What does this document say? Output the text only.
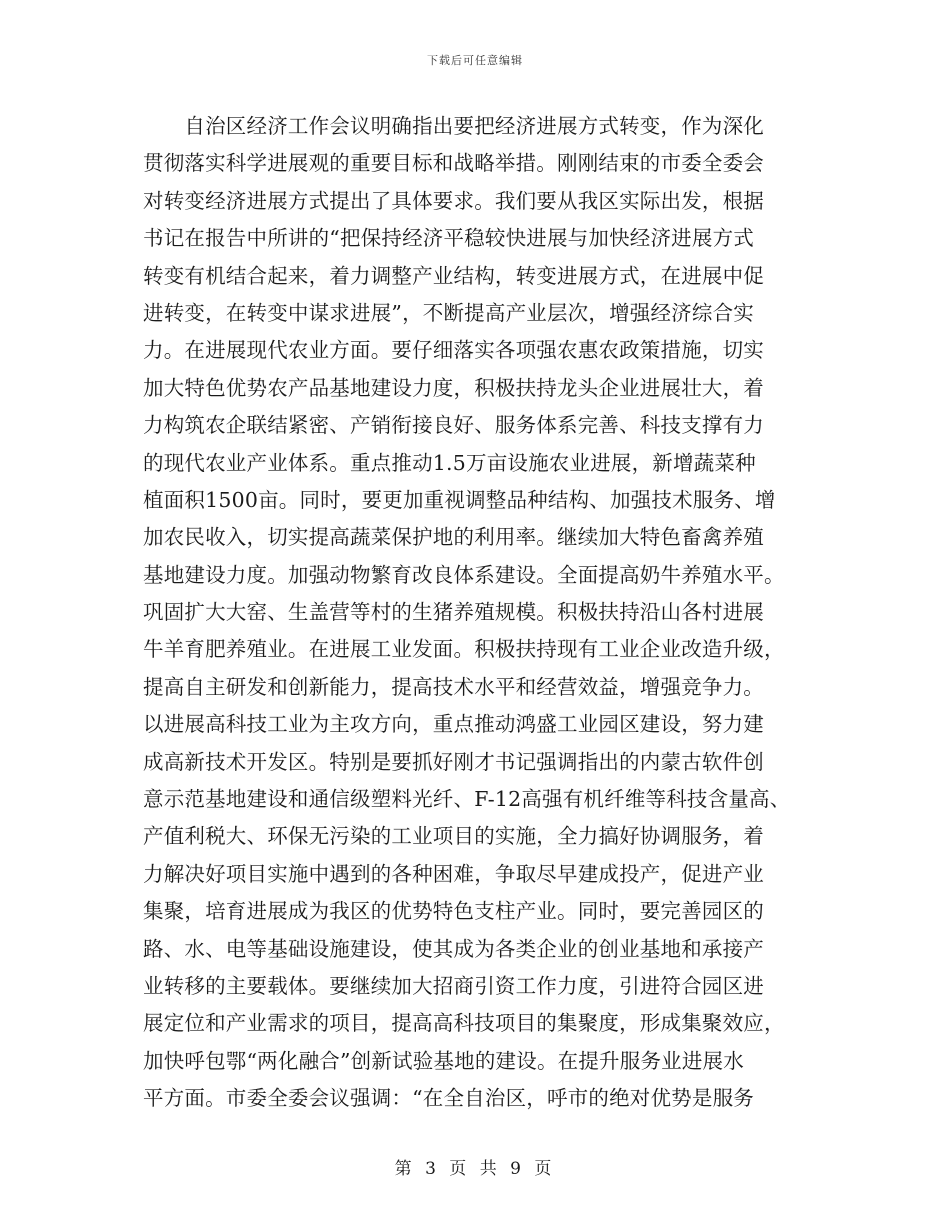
下载后可任意编辑
　　自治区经济工作会议明确指出要把经济进展方式转变，作为深化
贯彻落实科学进展观的重要目标和战略举措。刚刚结束的市委全委会
对转变经济进展方式提出了具体要求。我们要从我区实际出发，根据
书记在报告中所讲的“把保持经济平稳较快进展与加快经济进展方式
转变有机结合起来，着力调整产业结构，转变进展方式，在进展中促
进转变，在转变中谋求进展”，不断提高产业层次，增强经济综合实
力。在进展现代农业方面。要仔细落实各项强农惠农政策措施，切实
加大特色优势农产品基地建设力度，积极扶持龙头企业进展壮大，着
力构筑农企联结紧密、产销衔接良好、服务体系完善、科技支撑有力
的现代农业产业体系。重点推动1.5万亩设施农业进展，新增蔬菜种
植面积1500亩。同时，要更加重视调整品种结构、加强技术服务、增
加农民收入，切实提高蔬菜保护地的利用率。继续加大特色畜禽养殖
基地建设力度。加强动物繁育改良体系建设。全面提高奶牛养殖水平。
巩固扩大大窑、生盖营等村的生猪养殖规模。积极扶持沿山各村进展
牛羊育肥养殖业。在进展工业发面。积极扶持现有工业企业改造升级，
提高自主研发和创新能力，提高技术水平和经营效益，增强竞争力。
以进展高科技工业为主攻方向，重点推动鸿盛工业园区建设，努力建
成高新技术开发区。特别是要抓好刚才书记强调指出的内蒙古软件创
意示范基地建设和通信级塑料光纤、F-12高强有机纤维等科技含量高、
产值利税大、环保无污染的工业项目的实施，全力搞好协调服务，着
力解决好项目实施中遇到的各种困难，争取尽早建成投产，促进产业
集聚，培育进展成为我区的优势特色支柱产业。同时，要完善园区的
路、水、电等基础设施建设，使其成为各类企业的创业基地和承接产
业转移的主要载体。要继续加大招商引资工作力度，引进符合园区进
展定位和产业需求的项目，提高高科技项目的集聚度，形成集聚效应，
加快呼包鄂“两化融合”创新试验基地的建设。在提升服务业进展水
平方面。市委全委会议强调：“在全自治区，呼市的绝对优势是服务
第 3 页 共 9 页
